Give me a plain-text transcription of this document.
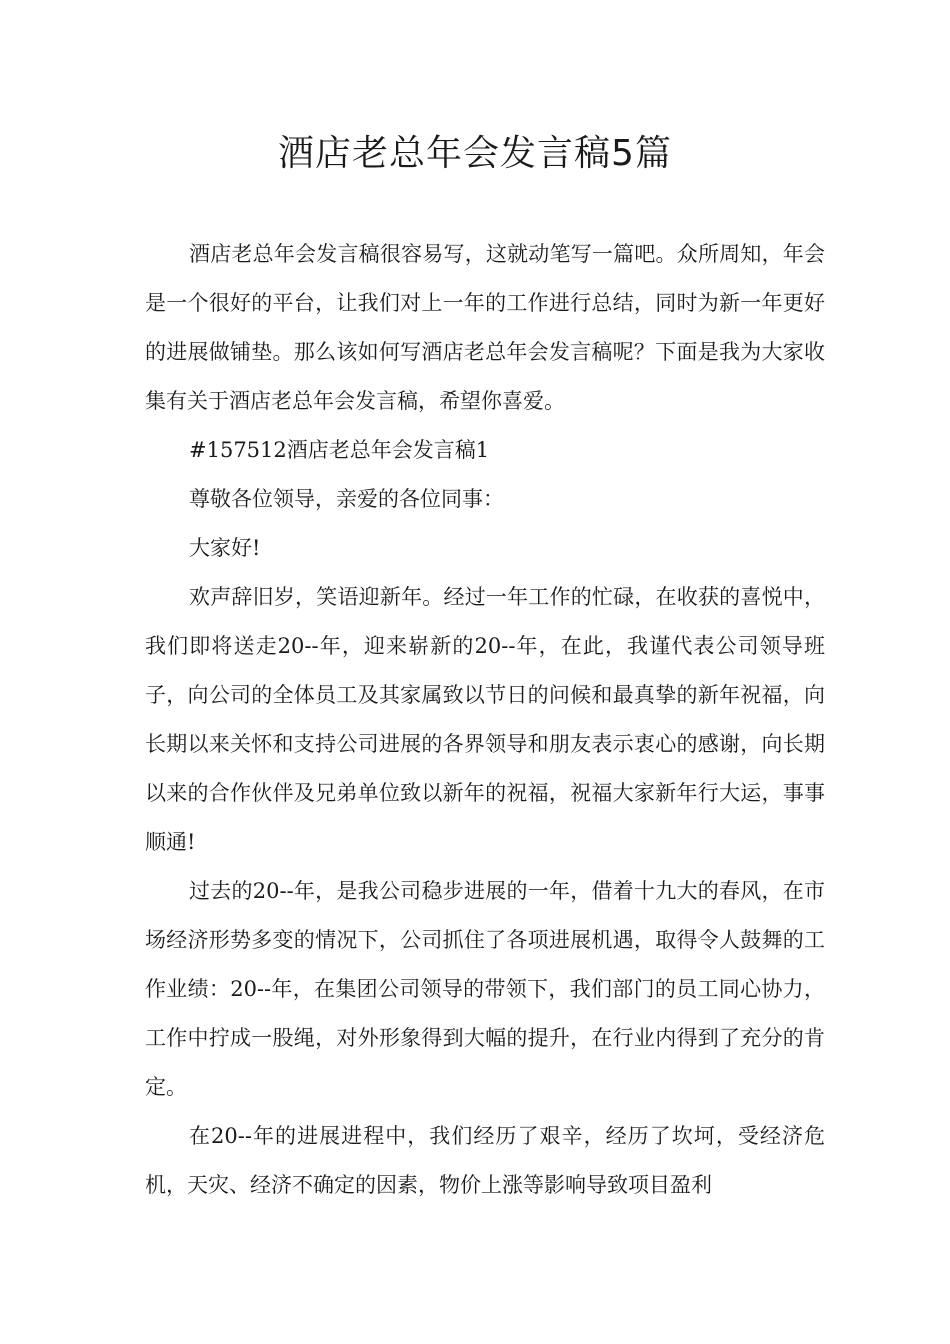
酒店老总年会发言稿5篇

酒店老总年会发言稿很容易写，这就动笔写一篇吧。众所周知，年会是一个很好的平台，让我们对上一年的工作进行总结，同时为新一年更好的进展做铺垫。那么该如何写酒店老总年会发言稿呢？下面是我为大家收集有关于酒店老总年会发言稿，希望你喜爱。

#157512酒店老总年会发言稿1

尊敬各位领导，亲爱的各位同事：

大家好!

欢声辞旧岁，笑语迎新年。经过一年工作的忙碌，在收获的喜悦中，我们即将送走20--年，迎来崭新的20--年，在此，我谨代表公司领导班子，向公司的全体员工及其家属致以节日的问候和最真挚的新年祝福，向长期以来关怀和支持公司进展的各界领导和朋友表示衷心的感谢，向长期以来的合作伙伴及兄弟单位致以新年的祝福，祝福大家新年行大运，事事顺通!

过去的20--年，是我公司稳步进展的一年，借着十九大的春风，在市场经济形势多变的情况下，公司抓住了各项进展机遇，取得令人鼓舞的工作业绩：20--年，在集团公司领导的带领下，我们部门的员工同心协力，工作中拧成一股绳，对外形象得到大幅的提升，在行业内得到了充分的肯定。

在20--年的进展进程中，我们经历了艰辛，经历了坎坷，受经济危机，天灾、经济不确定的因素，物价上涨等影响导致项目盈利
